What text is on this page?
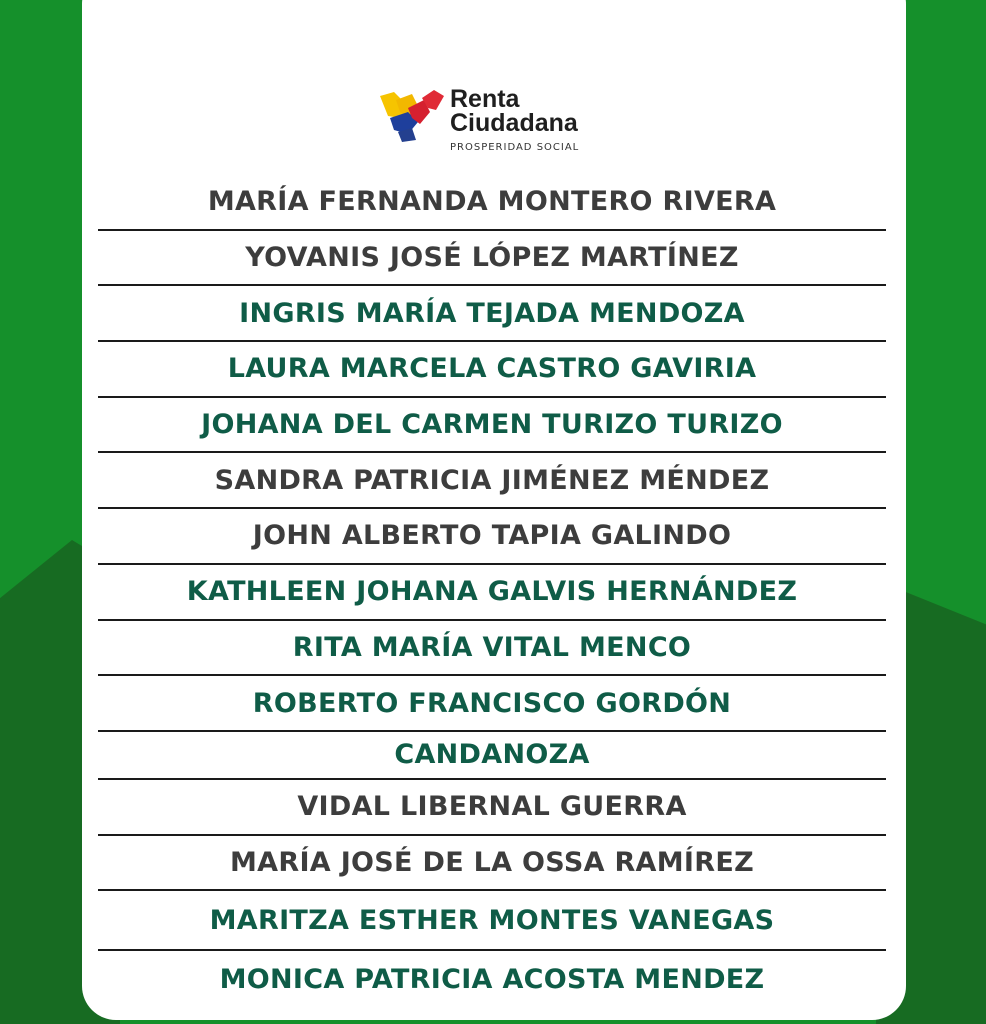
Renta
Ciudadana
PROSPERIDAD SOCIAL
MARÍA FERNANDA MONTERO RIVERA
YOVANIS JOSÉ LÓPEZ MARTÍNEZ
INGRIS MARÍA TEJADA MENDOZA
LAURA MARCELA CASTRO GAVIRIA
JOHANA DEL CARMEN TURIZO TURIZO
SANDRA PATRICIA JIMÉNEZ MÉNDEZ
JOHN ALBERTO TAPIA GALINDO
KATHLEEN JOHANA GALVIS HERNÁNDEZ
RITA MARÍA VITAL MENCO
ROBERTO FRANCISCO GORDÓN
CANDANOZA
VIDAL LIBERNAL GUERRA
MARÍA JOSÉ DE LA OSSA RAMÍREZ
MARITZA ESTHER MONTES VANEGAS
MONICA PATRICIA ACOSTA MENDEZ
